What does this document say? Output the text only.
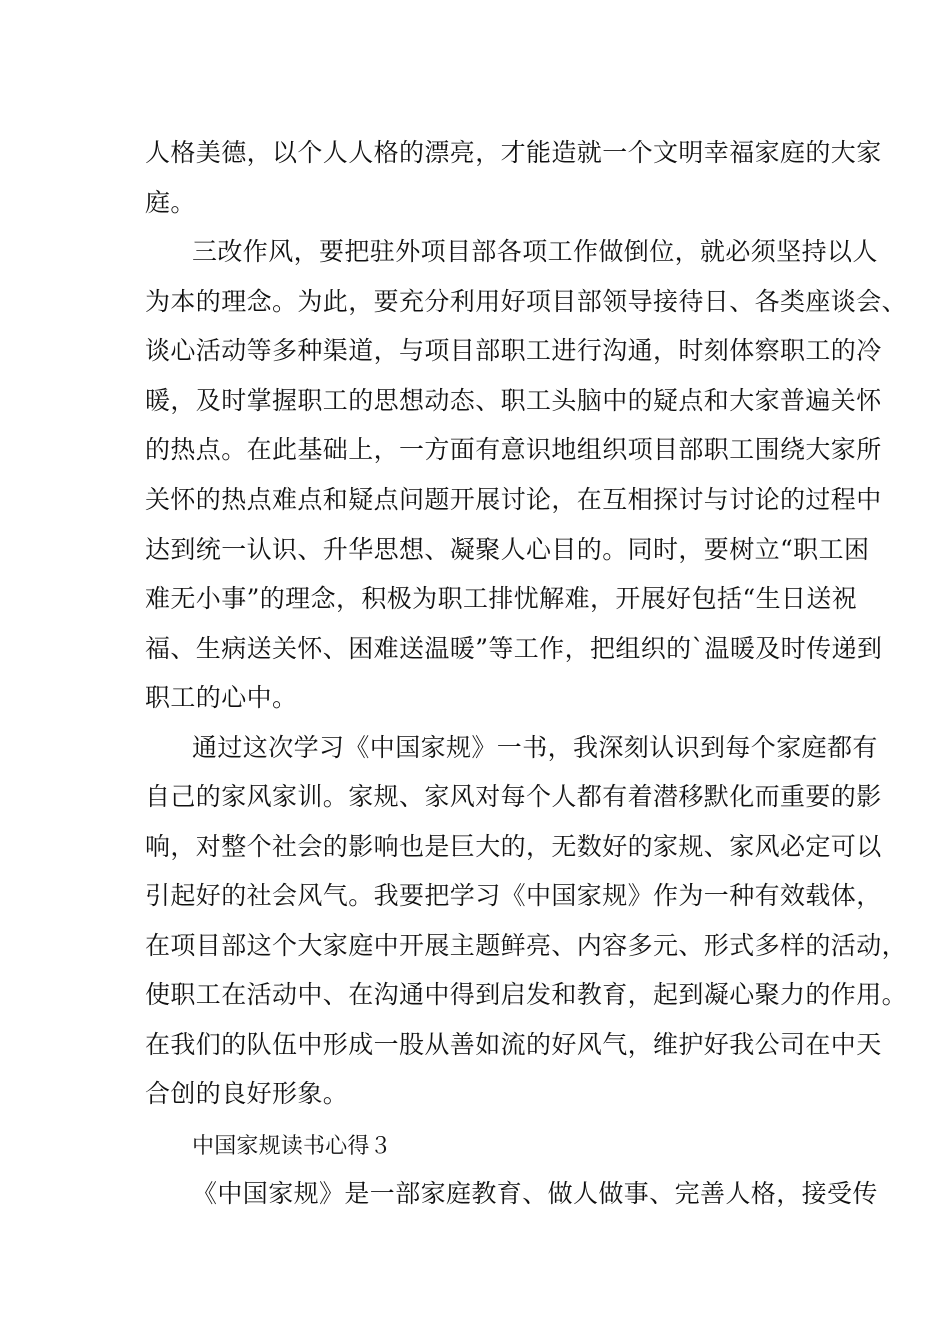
人格美德，以个人人格的漂亮，才能造就一个文明幸福家庭的大家
庭。
三改作风，要把驻外项目部各项工作做倒位，就必须坚持以人
为本的理念。为此，要充分利用好项目部领导接待日、各类座谈会、
谈心活动等多种渠道，与项目部职工进行沟通，时刻体察职工的冷
暖，及时掌握职工的思想动态、职工头脑中的疑点和大家普遍关怀
的热点。在此基础上，一方面有意识地组织项目部职工围绕大家所
关怀的热点难点和疑点问题开展讨论，在互相探讨与讨论的过程中
达到统一认识、升华思想、凝聚人心目的。同时，要树立“职工困
难无小事”的理念，积极为职工排忧解难，开展好包括“生日送祝
福、生病送关怀、困难送温暖”等工作，把组织的`温暖及时传递到
职工的心中。
通过这次学习《中国家规》一书，我深刻认识到每个家庭都有
自己的家风家训。家规、家风对每个人都有着潜移默化而重要的影
响，对整个社会的影响也是巨大的，无数好的家规、家风必定可以
引起好的社会风气。我要把学习《中国家规》作为一种有效载体，
在项目部这个大家庭中开展主题鲜亮、内容多元、形式多样的活动，
使职工在活动中、在沟通中得到启发和教育，起到凝心聚力的作用。
在我们的队伍中形成一股从善如流的好风气，维护好我公司在中天
合创的良好形象。
中国家规读书心得３
《中国家规》是一部家庭教育、做人做事、完善人格，接受传
